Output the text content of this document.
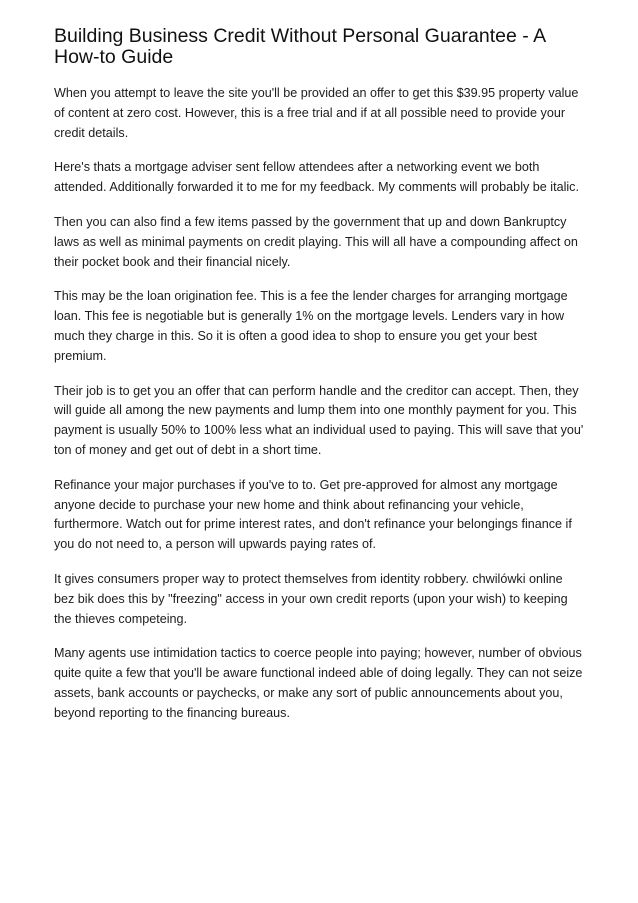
Building Business Credit Without Personal Guarantee - A How-to Guide

When you attempt to leave the site you'll be provided an offer to get this $39.95 property value of content at zero cost. However, this is a free trial and if at all possible need to provide your credit details.

Here's thats a mortgage adviser sent fellow attendees after a networking event we both attended. Additionally forwarded it to me for my feedback. My comments will probably be italic.

Then you can also find a few items passed by the government that up and down Bankruptcy laws as well as minimal payments on credit playing. This will all have a compounding affect on their pocket book and their financial nicely.

This may be the loan origination fee. This is a fee the lender charges for arranging mortgage loan. This fee is negotiable but is generally 1% on the mortgage levels. Lenders vary in how much they charge in this. So it is often a good idea to shop to ensure you get your best premium.

Their job is to get you an offer that can perform handle and the creditor can accept. Then, they will guide all among the new payments and lump them into one monthly payment for you. This payment is usually 50% to 100% less what an individual used to paying. This will save that you' ton of money and get out of debt in a short time.

Refinance your major purchases if you've to to. Get pre-approved for almost any mortgage anyone decide to purchase your new home and think about refinancing your vehicle, furthermore. Watch out for prime interest rates, and don't refinance your belongings finance if you do not need to, a person will upwards paying rates of.

It gives consumers proper way to protect themselves from identity robbery. chwilówki online bez bik does this by "freezing" access in your own credit reports (upon your wish) to keeping the thieves competeing.

Many agents use intimidation tactics to coerce people into paying; however, number of obvious quite quite a few that you'll be aware functional indeed able of doing legally. They can not seize assets, bank accounts or paychecks, or make any sort of public announcements about you, beyond reporting to the financing bureaus.
